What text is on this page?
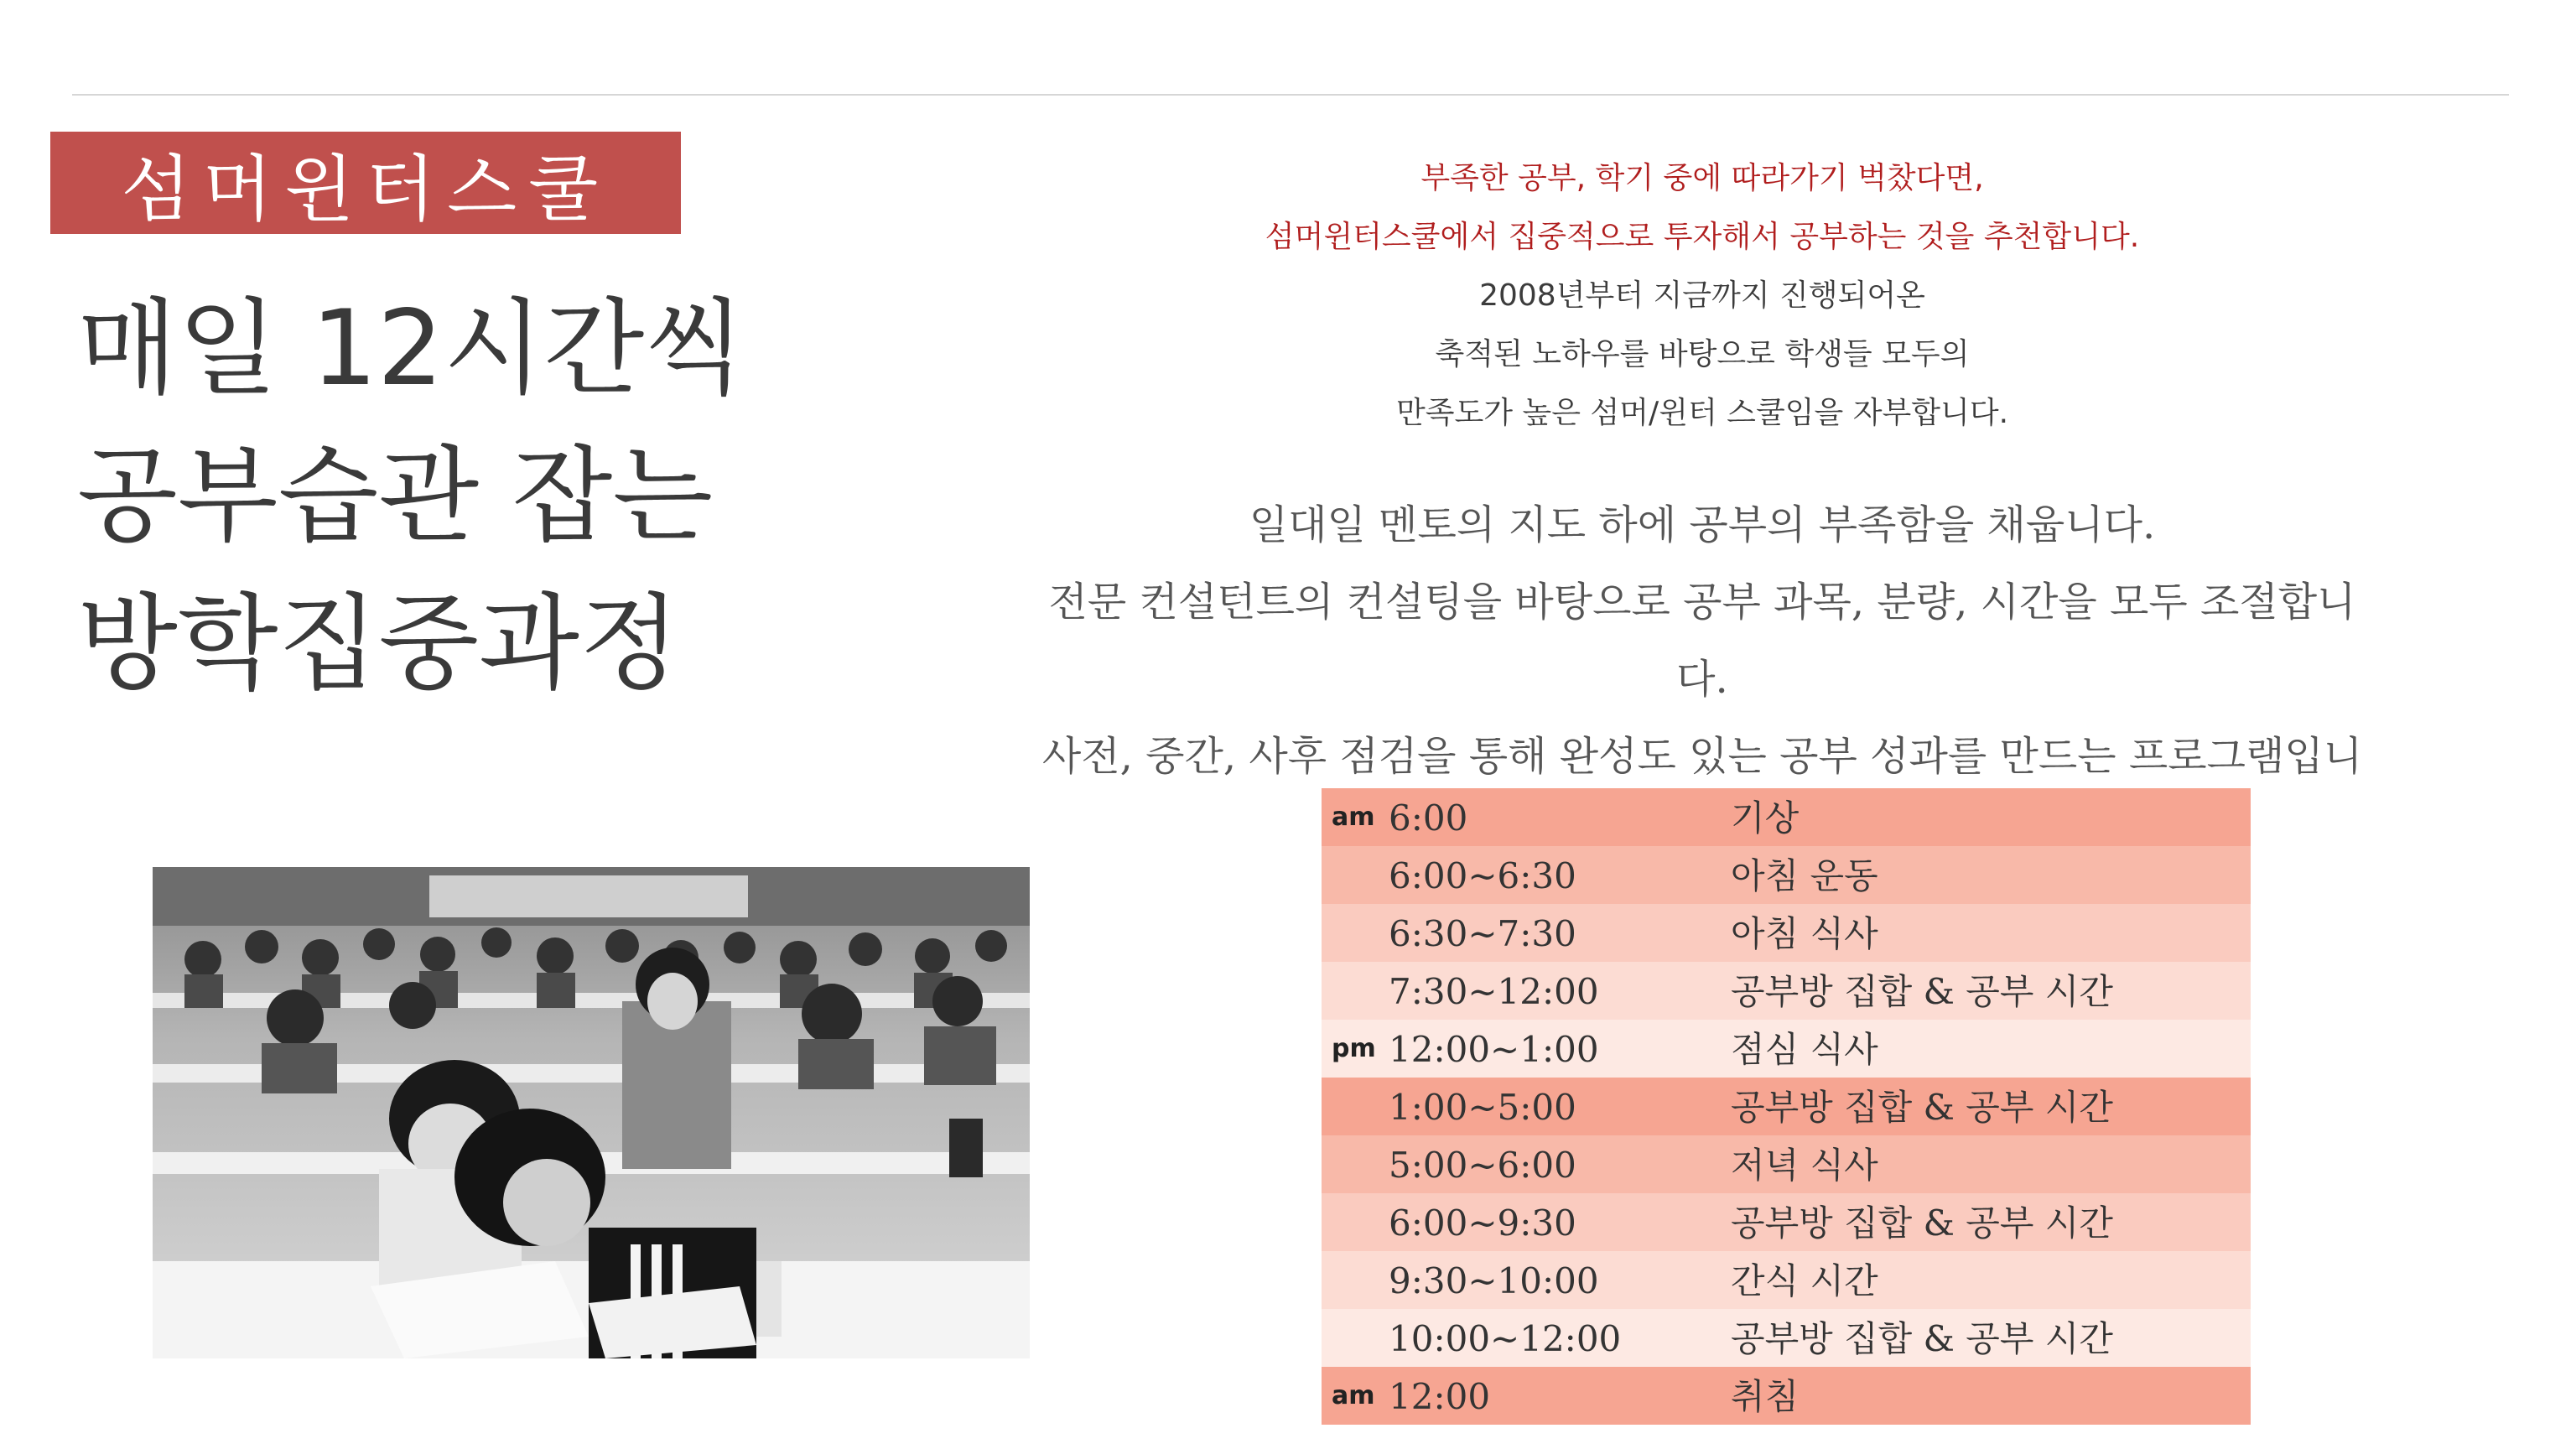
섬머윈터스쿨
매일 12시간씩
공부습관 잡는
방학집중과정
부족한 공부, 학기 중에 따라가기 벅찼다면,
섬머윈터스쿨에서 집중적으로 투자해서 공부하는 것을 추천합니다.
2008년부터 지금까지 진행되어온
축적된 노하우를 바탕으로 학생들 모두의
만족도가 높은 섬머/윈터 스쿨임을 자부합니다.
일대일 멘토의 지도 하에 공부의 부족함을 채웁니다.
전문 컨설턴트의 컨설팅을 바탕으로 공부 과목, 분량, 시간을 모두 조절합니다.
사전, 중간, 사후 점검을 통해 완성도 있는 공부 성과를 만드는 프로그램입니
am 6:00	기상
6:00~6:30	아침 운동
6:30~7:30	아침 식사
7:30~12:00	공부방 집합 & 공부 시간
pm 12:00~1:00	점심 식사
1:00~5:00	공부방 집합 & 공부 시간
5:00~6:00	저녁 식사
6:00~9:30	공부방 집합 & 공부 시간
9:30~10:00	간식 시간
10:00~12:00	공부방 집합 & 공부 시간
am 12:00	취침
